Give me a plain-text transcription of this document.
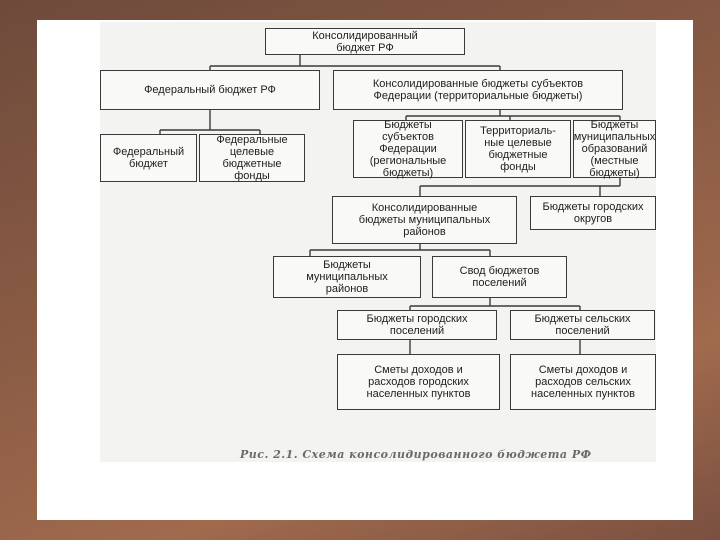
Консолидированный
бюджет РФ
Федеральный бюджет РФ	Консолидированные бюджеты субъектов
Федерации (территориальные бюджеты)
Федеральный
бюджет
Федеральные
целевые
бюджетные
фонды
Бюджеты
субъектов
Федерации
(региональные
бюджеты)
Территориаль-
ные целевые
бюджетные
фонды
Бюджеты
муниципальных
образований
(местные
бюджеты)
Консолидированные
бюджеты муниципальных
районов
Бюджеты городских
округов
Бюджеты
муниципальных
районов
Свод бюджетов
поселений
Бюджеты городских
поселений
Бюджеты сельских
поселений
Сметы доходов и
расходов городских
населенных пунктов
Сметы доходов и
расходов сельских
населенных пунктов
Рис. 2.1. Схема консолидированного бюджета РФ
